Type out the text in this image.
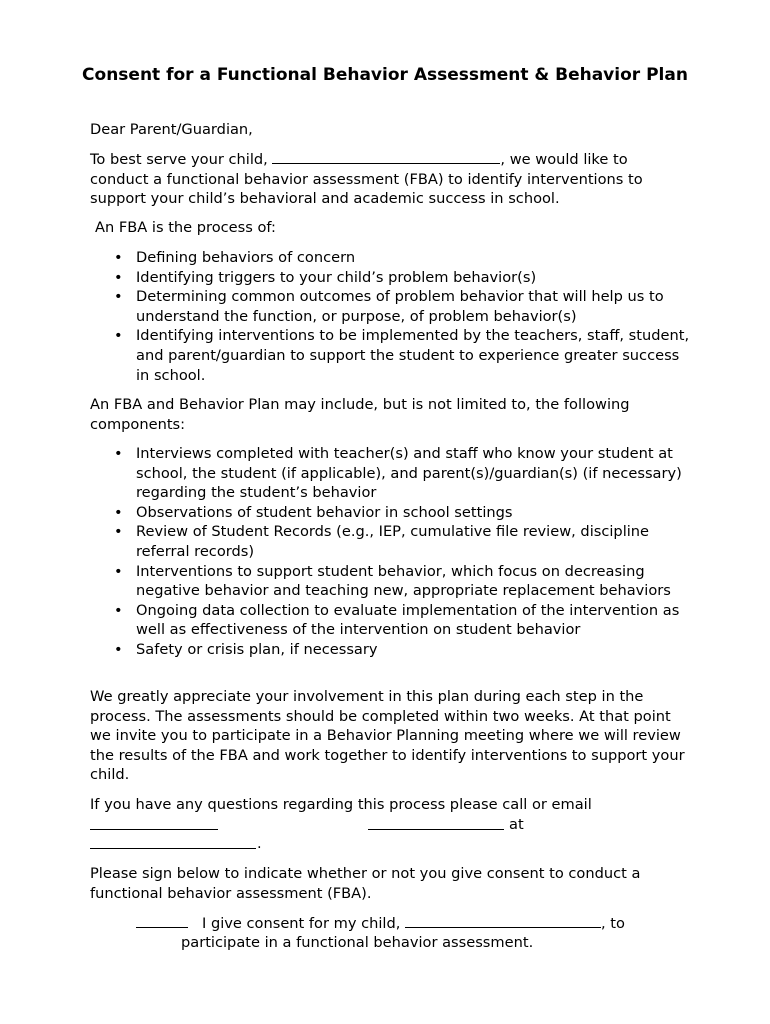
Consent for a Functional Behavior Assessment & Behavior Plan

Dear Parent/Guardian,

To best serve your child,	, we would like to conduct a functional behavior assessment (FBA) to identify interventions to support your child’s behavioral and academic success in school.

An FBA is the process of:

• Defining behaviors of concern
• Identifying triggers to your child’s problem behavior(s)
• Determining common outcomes of problem behavior that will help us to understand the function, or purpose, of problem behavior(s)
• Identifying interventions to be implemented by the teachers, staff, student, and parent/guardian to support the student to experience greater success in school.

An FBA and Behavior Plan may include, but is not limited to, the following components:

• Interviews completed with teacher(s) and staff who know your student at school, the student (if applicable), and parent(s)/guardian(s) (if necessary) regarding the student’s behavior
• Observations of student behavior in school settings
• Review of Student Records (e.g., IEP, cumulative file review, discipline referral records)
• Interventions to support student behavior, which focus on decreasing negative behavior and teaching new, appropriate replacement behaviors
• Ongoing data collection to evaluate implementation of the intervention as well as effectiveness of the intervention on student behavior
• Safety or crisis plan, if necessary

We greatly appreciate your involvement in this plan during each step in the process. The assessments should be completed within two weeks. At that point we invite you to participate in a Behavior Planning meeting where we will review the results of the FBA and work together to identify interventions to support your child.

If you have any questions regarding this process please call or email

at
.

Please sign below to indicate whether or not you give consent to conduct a functional behavior assessment (FBA).

I give consent for my child,	, to
participate in a functional behavior assessment.
